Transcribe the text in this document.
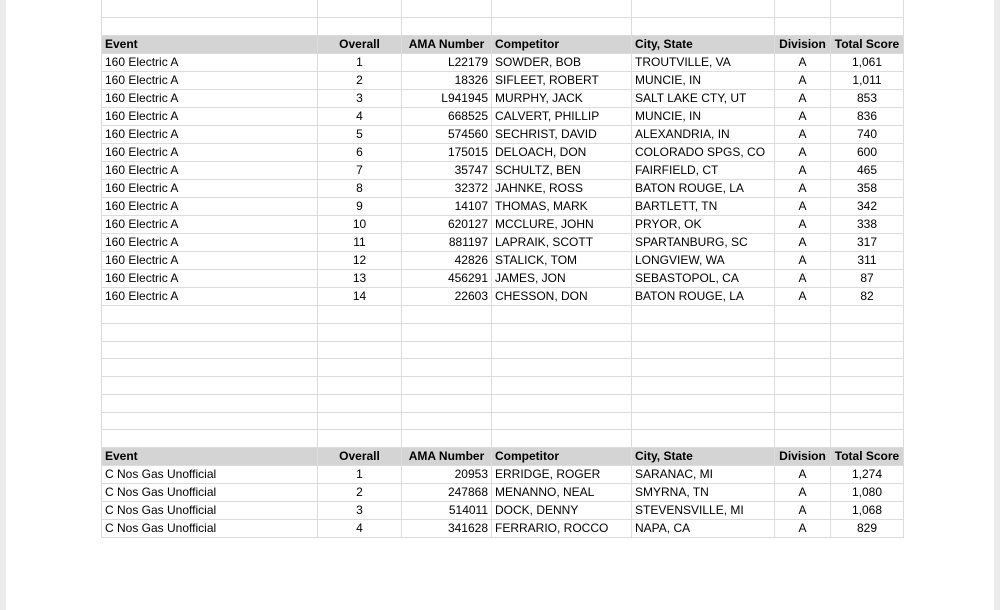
Event	Overall	AMA Number	Competitor	City, State	Division	Total Score
160 Electric A	1	L22179	SOWDER, BOB	TROUTVILLE, VA	A	1,061
160 Electric A	2	18326	SIFLEET, ROBERT	MUNCIE, IN	A	1,011
160 Electric A	3	L941945	MURPHY, JACK	SALT LAKE CTY, UT	A	853
160 Electric A	4	668525	CALVERT, PHILLIP	MUNCIE, IN	A	836
160 Electric A	5	574560	SECHRIST, DAVID	ALEXANDRIA, IN	A	740
160 Electric A	6	175015	DELOACH, DON	COLORADO SPGS, CO	A	600
160 Electric A	7	35747	SCHULTZ, BEN	FAIRFIELD, CT	A	465
160 Electric A	8	32372	JAHNKE, ROSS	BATON ROUGE, LA	A	358
160 Electric A	9	14107	THOMAS, MARK	BARTLETT, TN	A	342
160 Electric A	10	620127	MCCLURE, JOHN	PRYOR, OK	A	338
160 Electric A	11	881197	LAPRAIK, SCOTT	SPARTANBURG, SC	A	317
160 Electric A	12	42826	STALICK, TOM	LONGVIEW, WA	A	311
160 Electric A	13	456291	JAMES, JON	SEBASTOPOL, CA	A	87
160 Electric A	14	22603	CHESSON, DON	BATON ROUGE, LA	A	82

Event	Overall	AMA Number	Competitor	City, State	Division	Total Score
C Nos Gas Unofficial	1	20953	ERRIDGE, ROGER	SARANAC, MI	A	1,274
C Nos Gas Unofficial	2	247868	MENANNO, NEAL	SMYRNA, TN	A	1,080
C Nos Gas Unofficial	3	514011	DOCK, DENNY	STEVENSVILLE, MI	A	1,068
C Nos Gas Unofficial	4	341628	FERRARIO, ROCCO	NAPA, CA	A	829
